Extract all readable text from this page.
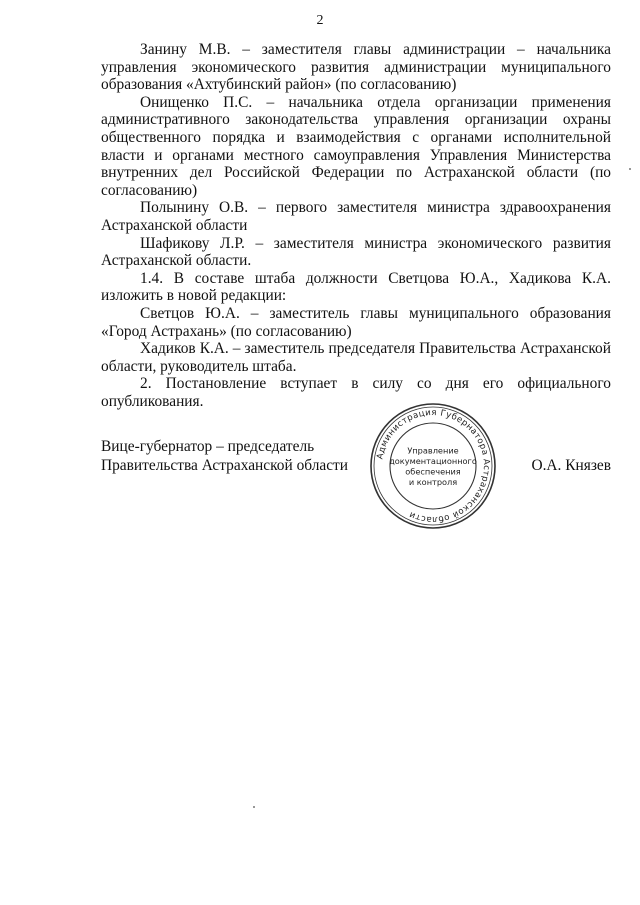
2

Занину М.В. – заместителя главы администрации – начальника управления экономического развития администрации муниципального образования «Ахтубинский район» (по согласованию)

Онищенко П.С. – начальника отдела организации применения административного законодательства управления организации охраны общественного порядка и взаимодействия с органами исполнительной власти и органами местного самоуправления Управления Министерства внутренних дел Российской Федерации по Астраханской области (по согласованию)

Полынину О.В. – первого заместителя министра здравоохранения Астраханской области

Шафикову Л.Р. – заместителя министра экономического развития Астраханской области.

1.4. В составе штаба должности Светцова Ю.А., Хадикова К.А. изложить в новой редакции:

Светцов Ю.А. – заместитель главы муниципального образования «Город Астрахань» (по согласованию)

Хадиков К.А. – заместитель председателя Правительства Астраханской области, руководитель штаба.

2. Постановление вступает в силу со дня его официального опубликования.

Вице-губернатор – председатель
Правительства Астраханской области	О.А. Князев
Администрация Губернатора Астраханской области
Управление
документационного
обеспечения
и контроля
